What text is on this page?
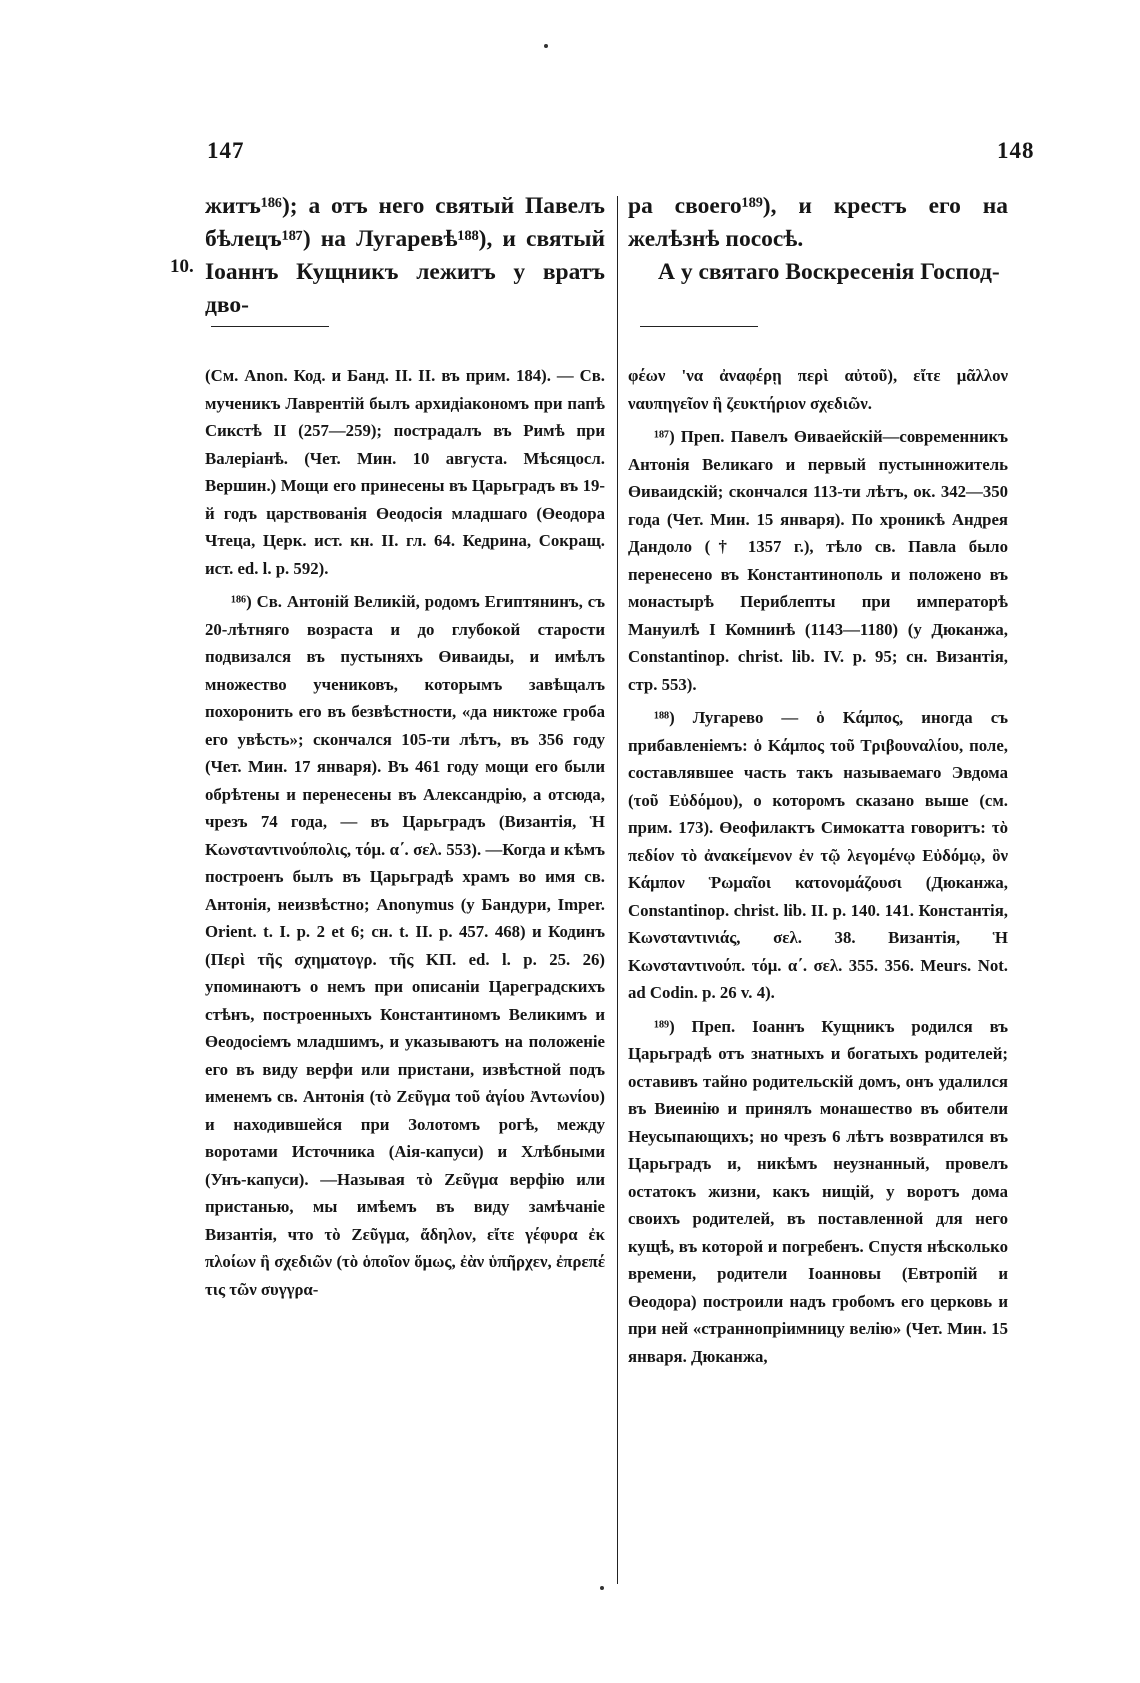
147	148
10.

житъ¹⁸⁶); а отъ него святый Павелъ бѣлецъ¹⁸⁷) на Лугаревѣ¹⁸⁸), и святый Іоаннъ Кущникъ лежитъ у вратъ дво-

ра своего¹⁸⁹), и крестъ его на желѣзнѣ пососѣ.

А у святаго Воскресенія Господ-

(См. Anon. Код. и Банд. II. II. въ прим. 184). — Св. мученикъ Лаврентій былъ архидіакономъ при папѣ Сикстѣ II (257—259); пострадалъ въ Римѣ при Валеріанѣ. (Чет. Мин. 10 августа. Мѣсяцосл. Вершин.) Мощи его принесены въ Царьградъ въ 19-й годъ царствованія Өеодосія младшаго (Өеодора Чтеца, Церк. ист. кн. II. гл. 64. Кедрина, Сокращ. ист. ed. l. p. 592).

¹⁸⁶) Св. Антоній Великій, родомъ Египтянинъ, съ 20-лѣтняго возраста и до глубокой старости подвизался въ пустыняхъ Өиваиды, и имѣлъ множество учениковъ, которымъ завѣщалъ похоронить его въ безвѣстности, «да никтоже гроба его увѣсть»; скончался 105-ти лѣтъ, въ 356 году (Чет. Мин. 17 января). Въ 461 году мощи его были обрѣтены и перенесены въ Александрію, а отсюда, чрезъ 74 года, — въ Царьградъ (Византія, Ἡ Κωνσταντινούπολις, τόμ. α΄. σελ. 553). —Когда и кѣмъ построенъ былъ въ Царьградѣ храмъ во имя св. Антонія, неизвѣстно; Anonymus (у Бандури, Imper. Orient. t. I. p. 2 et 6; сн. t. II. p. 457. 468) и Кодинъ (Περὶ τῆς σχηματογρ. τῆς ΚΠ. ed. l. p. 25. 26) упоминаютъ о немъ при описаніи Цареградскихъ стѣнъ, построенныхъ Константиномъ Великимъ и Өеодосіемъ младшимъ, и указываютъ на положеніе его въ виду верфи или пристани, извѣстной подъ именемъ св. Антонія (τὸ Ζεῦγμα τοῦ ἁγίου Ἀντωνίου) и находившейся при Золотомъ рогѣ, между воротами Источника (Аія-капуси) и Хлѣбными (Унъ-капуси). —Называя τὸ Ζεῦγμα верфію или пристанью, мы имѣемъ въ виду замѣчаніе Византія, что τὸ Ζεῦγμα, ἄδηλον, εἴτε γέφυρα ἐκ πλοίων ἢ σχεδιῶν (τὸ ὁποῖον ὅμως, ἐὰν ὑπῆρχεν, ἐπρεπέ τις τῶν συγγρα-

φέων 'να ἀναφέρῃ περὶ αὐτοῦ), εἴτε μᾶλλον ναυπηγεῖον ἢ ζευκτήριον σχεδιῶν.

¹⁸⁷) Преп. Павелъ Өиваейскій—современникъ Антонія Великаго и первый пустынножитель Өиваидскій; скончался 113-ти лѣтъ, ок. 342—350 года (Чет. Мин. 15 января). По хроникѣ Андрея Дандоло († 1357 г.), тѣло св. Павла было перенесено въ Константинополь и положено въ монастырѣ Периблепты при императорѣ Мануилѣ I Комнинѣ (1143—1180) (у Дюканжа, Constantinop. christ. lib. IV. p. 95; сн. Византія, стр. 553).

¹⁸⁸) Лугарево — ὁ Κάμπος, иногда съ прибавленіемъ: ὁ Κάμπος τοῦ Τριβουναλίου, поле, составлявшее часть такъ называемаго Эвдома (τοῦ Εὐδόμου), о которомъ сказано выше (см. прим. 173). Өеофилактъ Симокатта говоритъ: τὸ πεδίον τὸ ἀνακείμενον ἐν τῷ λεγομένῳ Εὐδόμῳ, ὃν Κάμπον Ῥωμαῖοι κατονομάζουσι (Дюканжа, Constantinop. christ. lib. II. p. 140. 141. Константія, Κωνσταντινιάς, σελ. 38. Византія, Ἡ Κωνσταντινούπ. τόμ. α΄. σελ. 355. 356. Meurs. Not. ad Codin. p. 26 v. 4).

¹⁸⁹) Преп. Іоаннъ Кущникъ родился въ Царьградѣ отъ знатныхъ и богатыхъ родителей; оставивъ тайно родительскій домъ, онъ удалился въ Виеинію и принялъ монашество въ обители Неусыпающихъ; но чрезъ 6 лѣтъ возвратился въ Царьградъ и, никѣмъ неузнанный, провелъ остатокъ жизни, какъ нищій, у воротъ дома своихъ родителей, въ поставленной для него кущѣ, въ которой и погребенъ. Спустя нѣсколько времени, родители Іоанновы (Евтропій и Өеодора) построили надъ гробомъ его церковь и при ней «страннопріимницу велію» (Чет. Мин. 15 января. Дюканжа,
